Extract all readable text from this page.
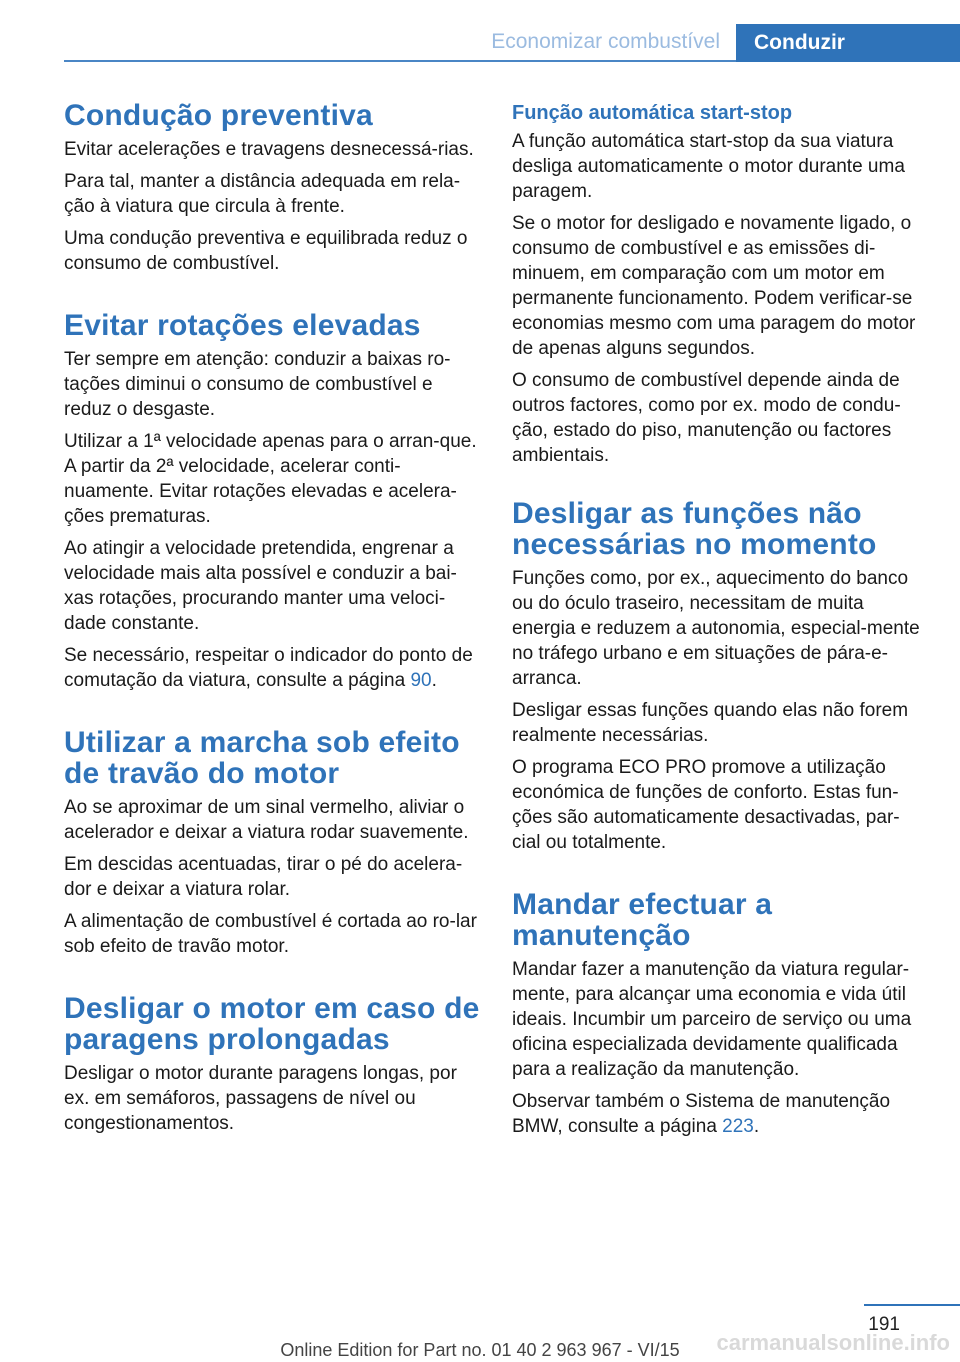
Economizar combustível	Conduzir
Condução preventiva

Evitar acelerações e travagens desnecessá‐rias.

Para tal, manter a distância adequada em rela‐ção à viatura que circula à frente.

Uma condução preventiva e equilibrada reduz o consumo de combustível.

Evitar rotações elevadas

Ter sempre em atenção: conduzir a baixas ro‐tações diminui o consumo de combustível e reduz o desgaste.

Utilizar a 1ª velocidade apenas para o arran‐que. A partir da 2ª velocidade, acelerar conti‐nuamente. Evitar rotações elevadas e acelera‐ções prematuras.

Ao atingir a velocidade pretendida, engrenar a velocidade mais alta possível e conduzir a bai‐xas rotações, procurando manter uma veloci‐dade constante.

Se necessário, respeitar o indicador do ponto de comutação da viatura, consulte a página 90.

Utilizar a marcha sob efeito de travão do motor

Ao se aproximar de um sinal vermelho, aliviar o acelerador e deixar a viatura rodar suavemente.

Em descidas acentuadas, tirar o pé do acelera‐dor e deixar a viatura rolar.

A alimentação de combustível é cortada ao ro‐lar sob efeito de travão motor.

Desligar o motor em caso de paragens prolongadas

Desligar o motor durante paragens longas, por ex. em semáforos, passagens de nível ou congestionamentos.

Função automática start-stop

A função automática start-stop da sua viatura desliga automaticamente o motor durante uma paragem.

Se o motor for desligado e novamente ligado, o consumo de combustível e as emissões di‐minuem, em comparação com um motor em permanente funcionamento. Podem verificar-se economias mesmo com uma paragem do motor de apenas alguns segundos.

O consumo de combustível depende ainda de outros factores, como por ex. modo de condu‐ção, estado do piso, manutenção ou factores ambientais.

Desligar as funções não necessárias no momento

Funções como, por ex., aquecimento do banco ou do óculo traseiro, necessitam de muita energia e reduzem a autonomia, especial‐mente no tráfego urbano e em situações de pára-e-arranca.

Desligar essas funções quando elas não forem realmente necessárias.

O programa ECO PRO promove a utilização económica de funções de conforto. Estas fun‐ções são automaticamente desactivadas, par‐cial ou totalmente.

Mandar efectuar a manutenção

Mandar fazer a manutenção da viatura regular‐mente, para alcançar uma economia e vida útil ideais. Incumbir um parceiro de serviço ou uma oficina especializada devidamente qualificada para a realização da manutenção.

Observar também o Sistema de manutenção BMW, consulte a página 223.

191
Online Edition for Part no. 01 40 2 963 967 - VI/15	carmanualsonline.info
